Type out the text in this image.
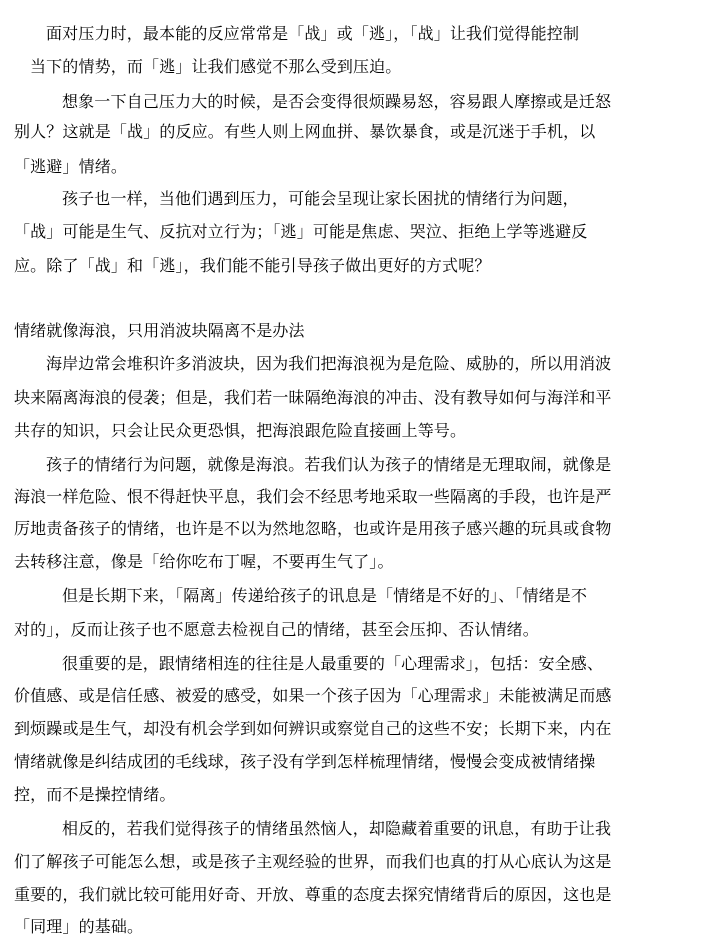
面对压力时，最本能的反应常常是「战」或「逃」，「战」让我们觉得能控制
当下的情势，而「逃」让我们感觉不那么受到压迫。
想象一下自己压力大的时候，是否会变得很烦躁易怒，容易跟人摩擦或是迁怒
别人？这就是「战」的反应。有些人则上网血拼、暴饮暴食，或是沉迷于手机，以
「逃避」情绪。
孩子也一样，当他们遇到压力，可能会呈现让家长困扰的情绪行为问题，
「战」可能是生气、反抗对立行为；「逃」可能是焦虑、哭泣、拒绝上学等逃避反
应。除了「战」和「逃」，我们能不能引导孩子做出更好的方式呢？
情绪就像海浪，只用消波块隔离不是办法
海岸边常会堆积许多消波块，因为我们把海浪视为是危险、威胁的，所以用消波
块来隔离海浪的侵袭；但是，我们若一昧隔绝海浪的冲击、没有教导如何与海洋和平
共存的知识，只会让民众更恐惧，把海浪跟危险直接画上等号。
孩子的情绪行为问题，就像是海浪。若我们认为孩子的情绪是无理取闹，就像是
海浪一样危险、恨不得赶快平息，我们会不经思考地采取一些隔离的手段，也许是严
厉地责备孩子的情绪，也许是不以为然地忽略，也或许是用孩子感兴趣的玩具或食物
去转移注意，像是「给你吃布丁喔，不要再生气了」。
但是长期下来，「隔离」传递给孩子的讯息是「情绪是不好的」、「情绪是不
对的」，反而让孩子也不愿意去检视自己的情绪，甚至会压抑、否认情绪。
很重要的是，跟情绪相连的往往是人最重要的「心理需求」，包括：安全感、
价值感、或是信任感、被爱的感受，如果一个孩子因为「心理需求」未能被满足而感
到烦躁或是生气，却没有机会学到如何辨识或察觉自己的这些不安；长期下来，内在
情绪就像是纠结成团的毛线球，孩子没有学到怎样梳理情绪，慢慢会变成被情绪操
控，而不是操控情绪。
相反的，若我们觉得孩子的情绪虽然恼人，却隐藏着重要的讯息，有助于让我
们了解孩子可能怎么想，或是孩子主观经验的世界，而我们也真的打从心底认为这是
重要的，我们就比较可能用好奇、开放、尊重的态度去探究情绪背后的原因，这也是
「同理」的基础。
